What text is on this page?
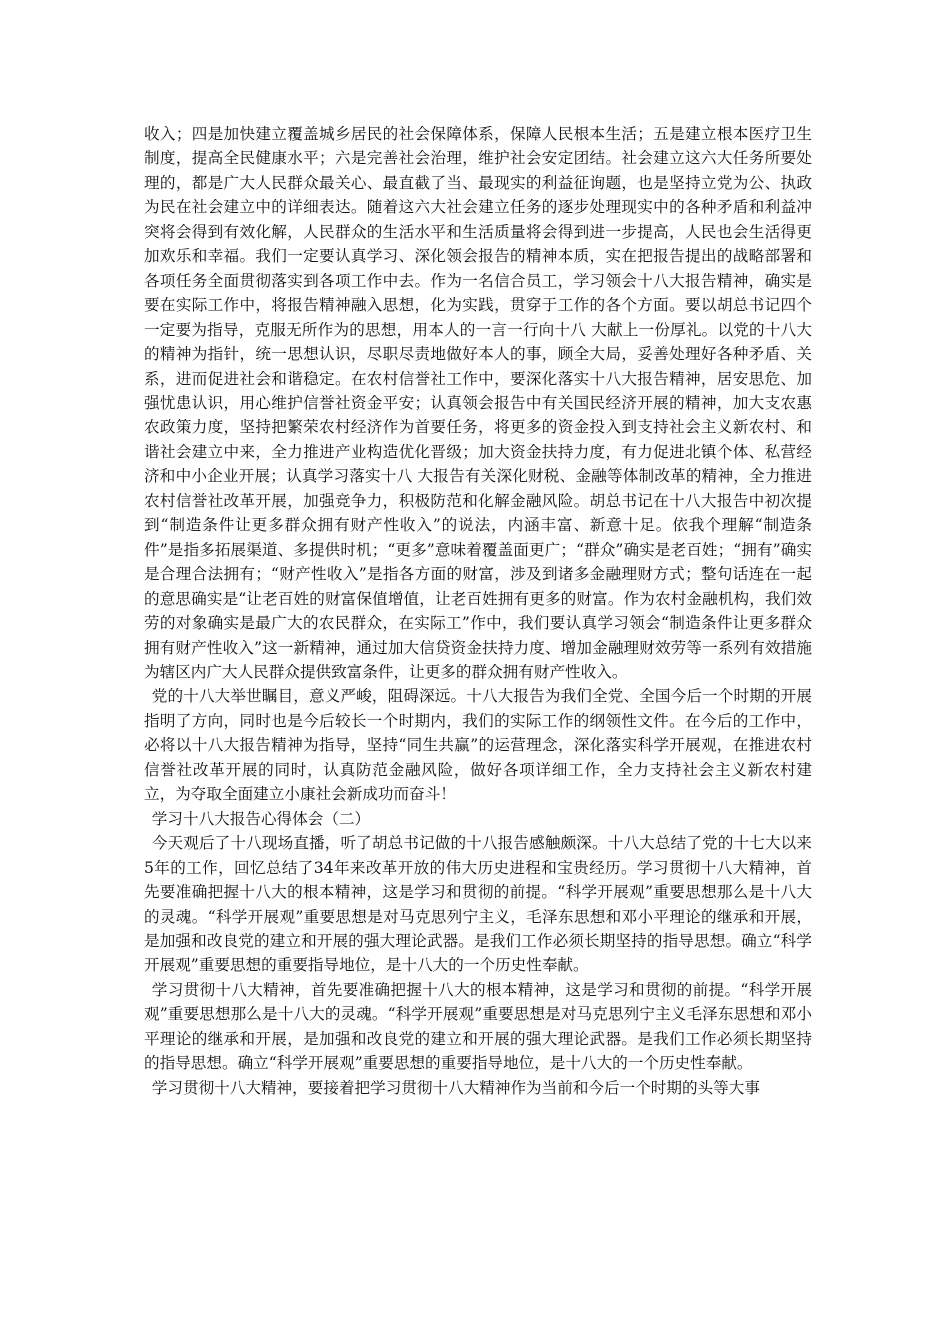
收入；四是加快建立覆盖城乡居民的社会保障体系，保障人民根本生活；五是建立根本医疗卫生制度，提高全民健康水平；六是完善社会治理，维护社会安定团结。社会建立这六大任务所要处理的，都是广大人民群众最关心、最直截了当、最现实的利益征询题，也是坚持立党为公、执政为民在社会建立中的详细表达。随着这六大社会建立任务的逐步处理现实中的各种矛盾和利益冲突将会得到有效化解，人民群众的生活水平和生活质量将会得到进一步提高，人民也会生活得更加欢乐和幸福。我们一定要认真学习、深化领会报告的精神本质，实在把报告提出的战略部署和各项任务全面贯彻落实到各项工作中去。作为一名信合员工，学习领会十八大报告精神，确实是要在实际工作中，将报告精神融入思想，化为实践，贯穿于工作的各个方面。要以胡总书记四个一定要为指导，克服无所作为的思想，用本人的一言一行向十八 大献上一份厚礼。以党的十八大的精神为指针，统一思想认识，尽职尽责地做好本人的事，顾全大局，妥善处理好各种矛盾、关系，进而促进社会和谐稳定。在农村信誉社工作中，要深化落实十八大报告精神，居安思危、加强忧患认识，用心维护信誉社资金平安；认真领会报告中有关国民经济开展的精神，加大支农惠农政策力度，坚持把繁荣农村经济作为首要任务，将更多的资金投入到支持社会主义新农村、和谐社会建立中来，全力推进产业构造优化晋级；加大资金扶持力度，有力促进北镇个体、私营经济和中小企业开展；认真学习落实十八 大报告有关深化财税、金融等体制改革的精神，全力推进农村信誉社改革开展，加强竞争力，积极防范和化解金融风险。胡总书记在十八大报告中初次提到“制造条件让更多群众拥有财产性收入”的说法，内涵丰富、新意十足。依我个理解“制造条件”是指多拓展渠道、多提供时机；“更多”意味着覆盖面更广；“群众”确实是老百姓；“拥有”确实是合理合法拥有；“财产性收入”是指各方面的财富，涉及到诸多金融理财方式；整句话连在一起的意思确实是“让老百姓的财富保值增值，让老百姓拥有更多的财富。作为农村金融机构，我们效劳的对象确实是最广大的农民群众，在实际工”作中，我们要认真学习领会“制造条件让更多群众拥有财产性收入”这一新精神，通过加大信贷资金扶持力度、增加金融理财效劳等一系列有效措施为辖区内广大人民群众提供致富条件，让更多的群众拥有财产性收入。

党的十八大举世瞩目，意义严峻，阻碍深远。十八大报告为我们全党、全国今后一个时期的开展指明了方向，同时也是今后较长一个时期内，我们的实际工作的纲领性文件。在今后的工作中，必将以十八大报告精神为指导，坚持“同生共赢”的运营理念，深化落实科学开展观，在推进农村信誉社改革开展的同时，认真防范金融风险，做好各项详细工作，全力支持社会主义新农村建立，为夺取全面建立小康社会新成功而奋斗！

学习十八大报告心得体会（二）

今天观后了十八现场直播，听了胡总书记做的十八报告感触颇深。十八大总结了党的十七大以来5年的工作，回忆总结了34年来改革开放的伟大历史进程和宝贵经历。学习贯彻十八大精神，首先要准确把握十八大的根本精神，这是学习和贯彻的前提。“科学开展观”重要思想那么是十八大的灵魂。“科学开展观”重要思想是对马克思列宁主义，毛泽东思想和邓小平理论的继承和开展，是加强和改良党的建立和开展的强大理论武器。是我们工作必须长期坚持的指导思想。确立“科学开展观”重要思想的重要指导地位，是十八大的一个历史性奉献。

学习贯彻十八大精神，首先要准确把握十八大的根本精神，这是学习和贯彻的前提。“科学开展观”重要思想那么是十八大的灵魂。“科学开展观”重要思想是对马克思列宁主义毛泽东思想和邓小平理论的继承和开展，是加强和改良党的建立和开展的强大理论武器。是我们工作必须长期坚持的指导思想。确立“科学开展观”重要思想的重要指导地位，是十八大的一个历史性奉献。

学习贯彻十八大精神，要接着把学习贯彻十八大精神作为当前和今后一个时期的头等大事
